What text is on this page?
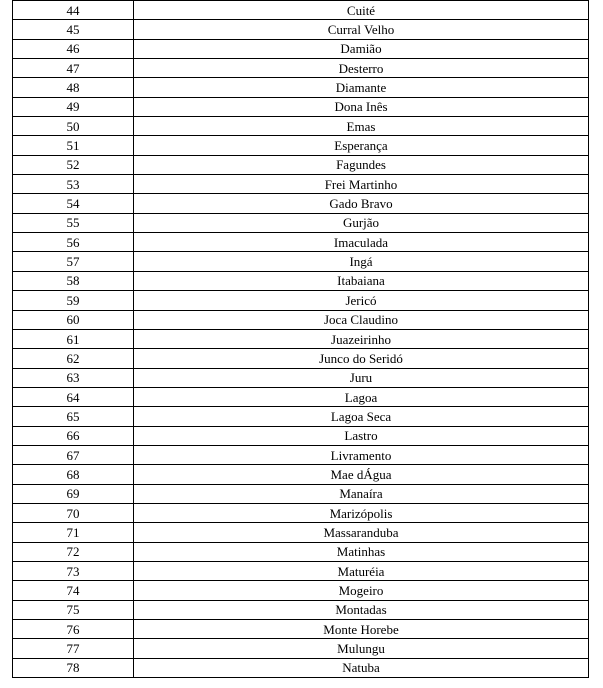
44	Cuité
45	Curral Velho
46	Damião
47	Desterro
48	Diamante
49	Dona Inês
50	Emas
51	Esperança
52	Fagundes
53	Frei Martinho
54	Gado Bravo
55	Gurjão
56	Imaculada
57	Ingá
58	Itabaiana
59	Jericó
60	Joca Claudino
61	Juazeirinho
62	Junco do Seridó
63	Juru
64	Lagoa
65	Lagoa Seca
66	Lastro
67	Livramento
68	Mae dÁgua
69	Manaíra
70	Marizópolis
71	Massaranduba
72	Matinhas
73	Maturéia
74	Mogeiro
75	Montadas
76	Monte Horebe
77	Mulungu
78	Natuba
